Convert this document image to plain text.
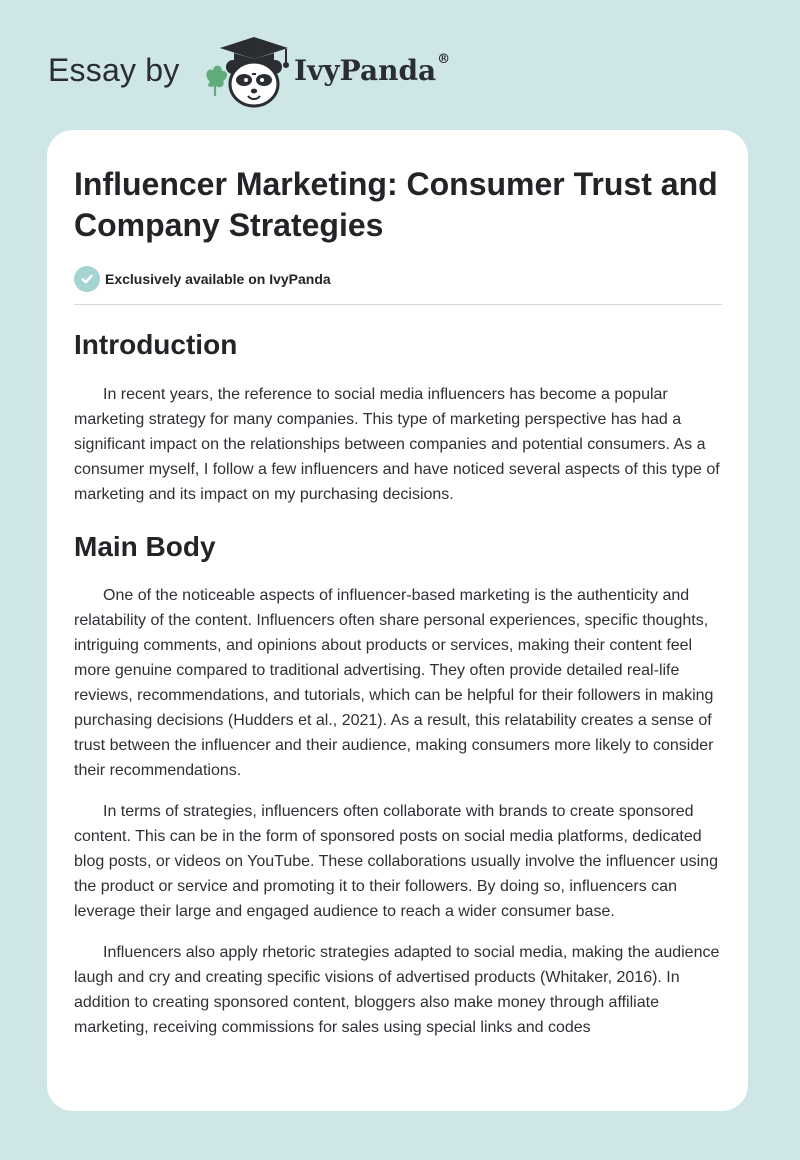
Essay by	IvyPanda®
Influencer Marketing: Consumer Trust and Company Strategies
Exclusively available on IvyPanda
Introduction

In recent years, the reference to social media influencers has become a popular marketing strategy for many companies. This type of marketing perspective has had a significant impact on the relationships between companies and potential consumers. As a consumer myself, I follow a few influencers and have noticed several aspects of this type of marketing and its impact on my purchasing decisions.

Main Body

One of the noticeable aspects of influencer-based marketing is the authenticity and relatability of the content. Influencers often share personal experiences, specific thoughts, intriguing comments, and opinions about products or services, making their content feel more genuine compared to traditional advertising. They often provide detailed real-life reviews, recommendations, and tutorials, which can be helpful for their followers in making purchasing decisions (Hudders et al., 2021). As a result, this relatability creates a sense of trust between the influencer and their audience, making consumers more likely to consider their recommendations.

In terms of strategies, influencers often collaborate with brands to create sponsored content. This can be in the form of sponsored posts on social media platforms, dedicated blog posts, or videos on YouTube. These collaborations usually involve the influencer using the product or service and promoting it to their followers. By doing so, influencers can leverage their large and engaged audience to reach a wider consumer base.

Influencers also apply rhetoric strategies adapted to social media, making the audience laugh and cry and creating specific visions of advertised products (Whitaker, 2016). In addition to creating sponsored content, bloggers also make money through affiliate marketing, receiving commissions for sales using special links and codes
